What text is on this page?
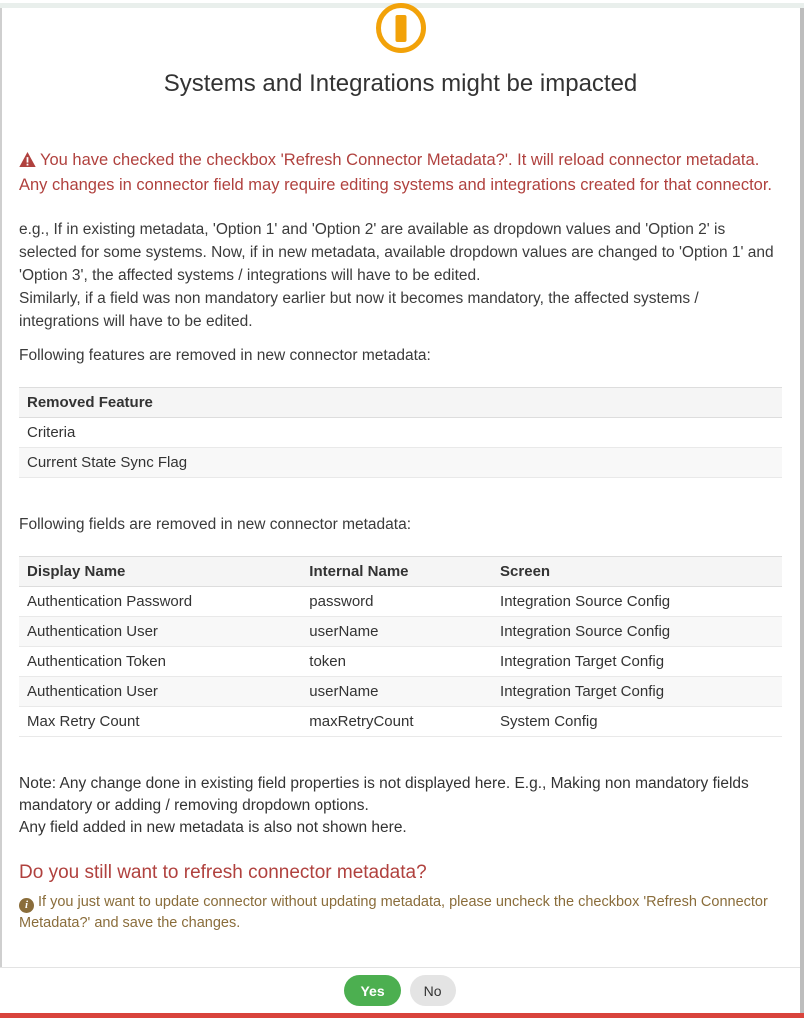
Systems and Integrations might be impacted
You have checked the checkbox 'Refresh Connector Metadata?'. It will reload connector metadata.
Any changes in connector field may require editing systems and integrations created for that connector.
e.g., If in existing metadata, 'Option 1' and 'Option 2' are available as dropdown values and 'Option 2' is selected for some systems. Now, if in new metadata, available dropdown values are changed to 'Option 1' and 'Option 3', the affected systems / integrations will have to be edited.
Similarly, if a field was non mandatory earlier but now it becomes mandatory, the affected systems / integrations will have to be edited.
Following features are removed in new connector metadata:
Removed Feature
Criteria
Current State Sync Flag
Following fields are removed in new connector metadata:
Display Name	Internal Name	Screen
Authentication Password	password	Integration Source Config
Authentication User	userName	Integration Source Config
Authentication Token	token	Integration Target Config
Authentication User	userName	Integration Target Config
Max Retry Count	maxRetryCount	System Config
Note: Any change done in existing field properties is not displayed here. E.g., Making non mandatory fields mandatory or adding / removing dropdown options.
Any field added in new metadata is also not shown here.
Do you still want to refresh connector metadata?
i If you just want to update connector without updating metadata, please uncheck the checkbox 'Refresh Connector Metadata?' and save the changes.
Yes	No
